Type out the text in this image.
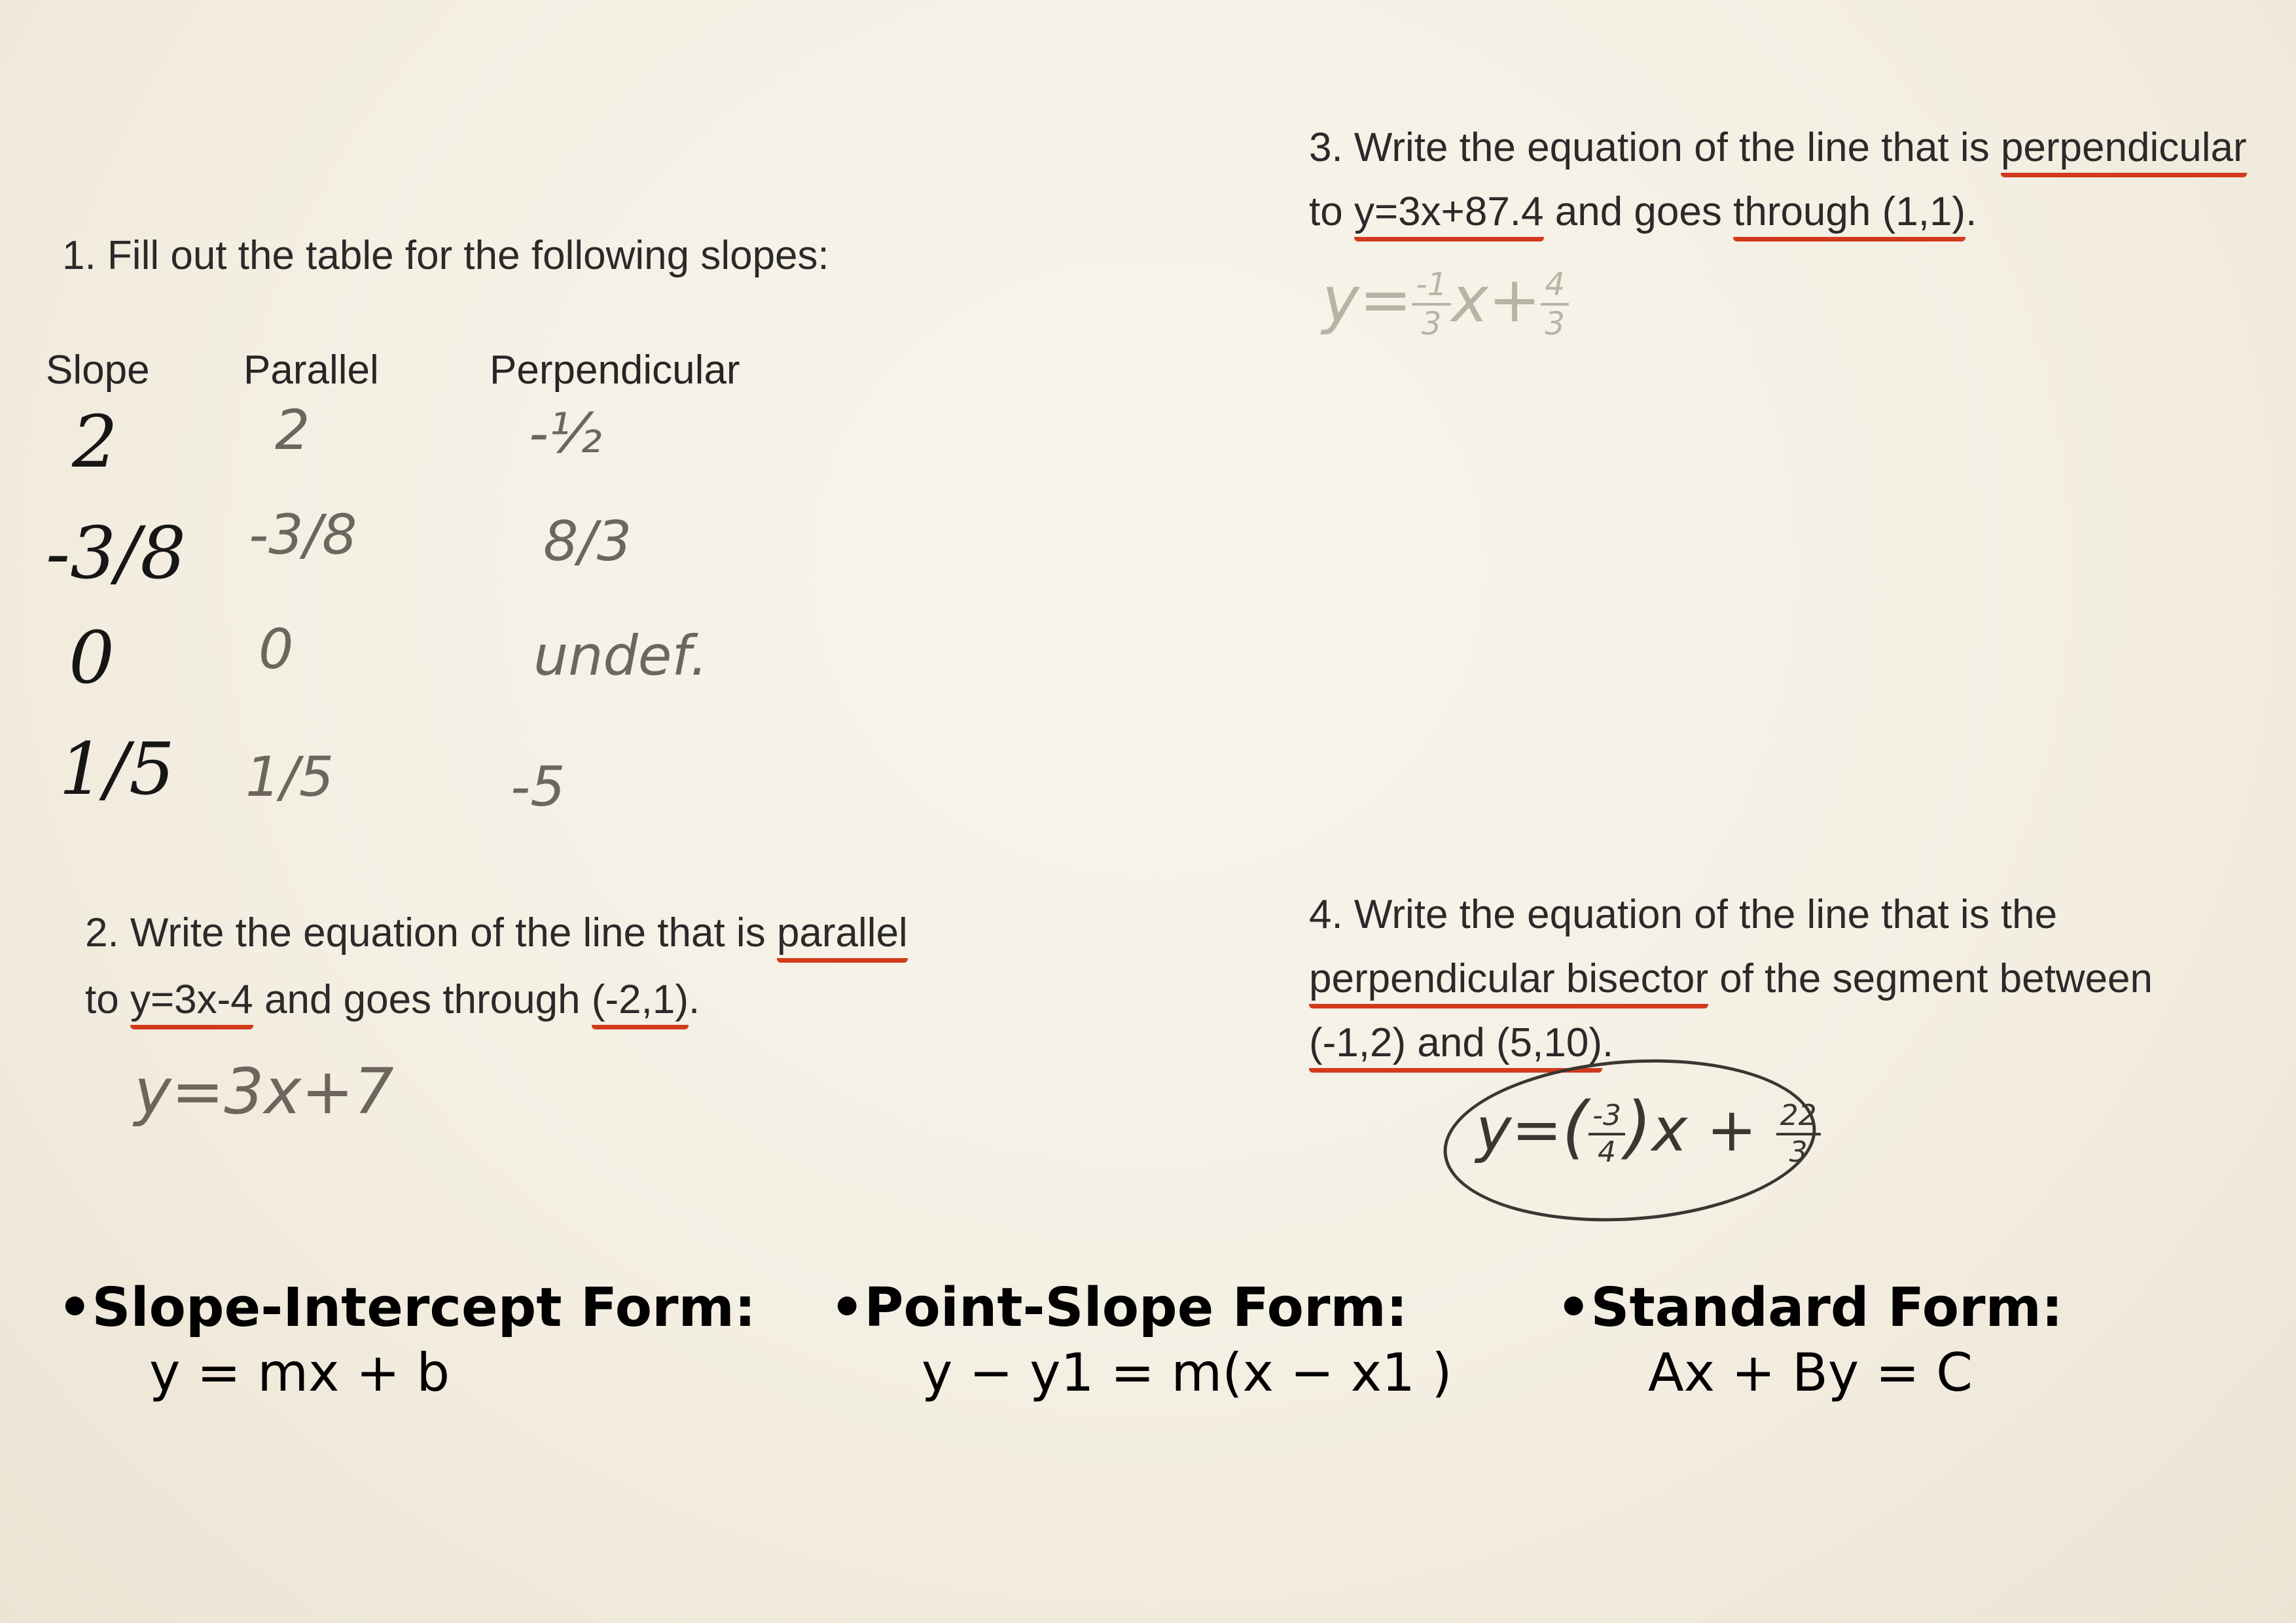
1. Fill out the table for the following slopes:
Slope Parallel	Perpendicular
2	2	-½
-3/8 -3/8	8/3
0	0	undef.
1/5 1/5	-5
2. Write the equation of the line that is parallel
to y=3x-4 and goes through (-2,1).
y=3x+7
3. Write the equation of the line that is perpendicular
to y=3x+87.4 and goes through (1,1).
$y= \frac{-1}{3} x+ \frac{4}{3}$
4. Write the equation of the line that is the
perpendicular bisector of the segment between
(-1,2) and (5,10).
$y=( \frac{-3}{4} )x + \frac{22}{3}$
•Slope-Intercept Form:
y = mx + b
•Point-Slope Form:
y − y1 = m(x − x1 )
•Standard Form:
Ax + By = C
